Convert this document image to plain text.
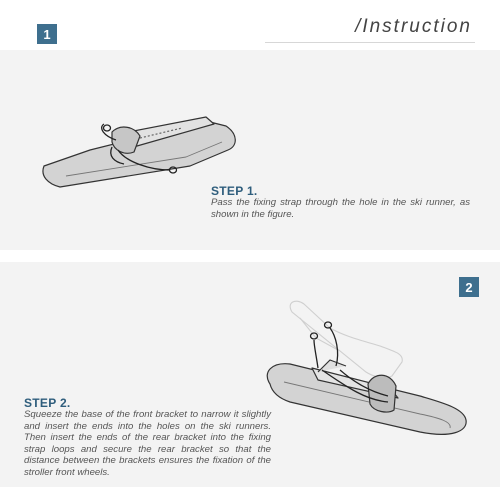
1	/Instruction
STEP 1.
Pass the fixing strap through the hole in the ski runner, as shown in the figure.
2
STEP 2.
Squeeze the base of the front bracket to narrow it slightly and insert the ends into the holes on the ski runners. Then insert the ends of the rear bracket into the fixing strap loops and secure the rear bracket so that the distance between the brackets ensures the fixation of the stroller front wheels.
